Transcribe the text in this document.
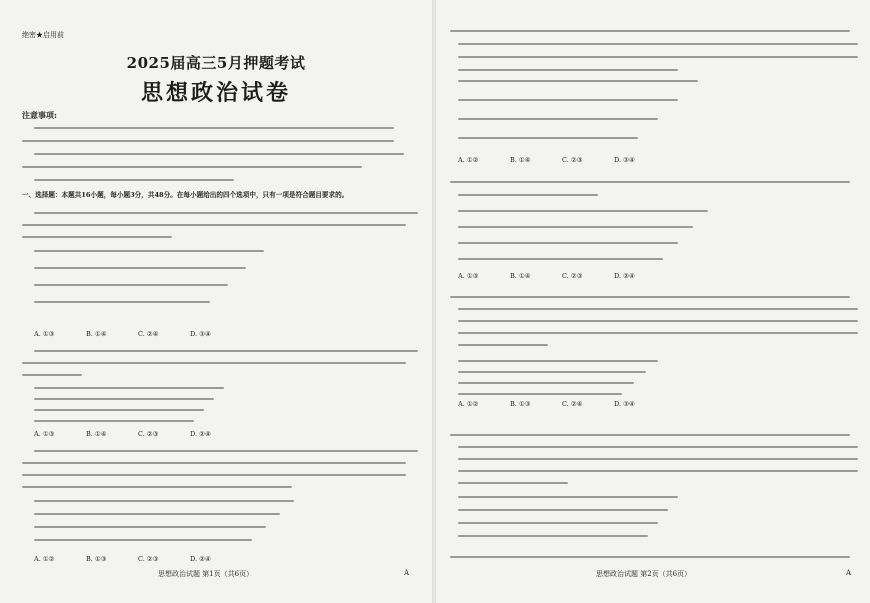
绝密★启用前
2025届高三5月押题考试
思想政治试卷
注意事项:
一、选择题：本题共16小题，每小题3分，共48分。在每小题给出的四个选项中，只有一项是符合题目要求的。
A. ①③	B. ①④	C. ②④	D. ③④
A. ①③	B. ①④	C. ②③	D. ②④
A. ①②	B. ①③	C. ②③	D. ②④
思想政治试题 第1页（共6页）	A
A. ①②	B. ①④	C. ②③	D. ③④
A. ①③	B. ①④	C. ②③	D. ②④
A. ①②	B. ①③	C. ②④	D. ③④
思想政治试题 第2页（共6页）	A
